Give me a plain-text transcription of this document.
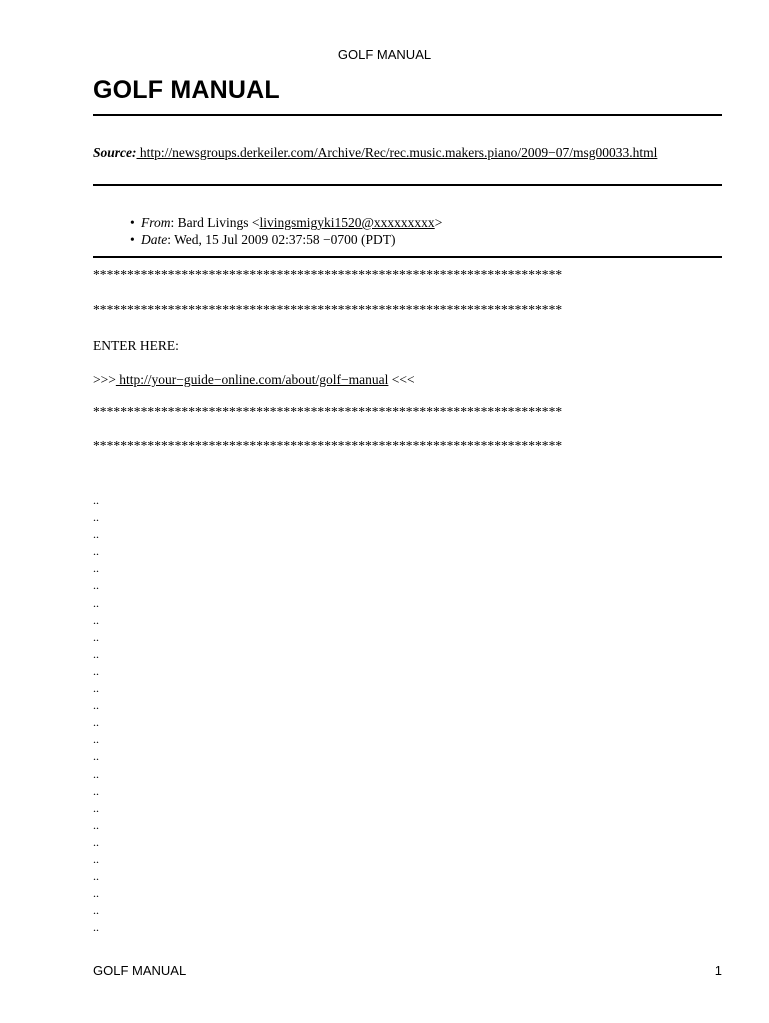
GOLF MANUAL
GOLF MANUAL
Source: http://newsgroups.derkeiler.com/Archive/Rec/rec.music.makers.piano/2009−07/msg00033.html
• From: Bard Livings <livingsmigyki1520@xxxxxxxxx>
• Date: Wed, 15 Jul 2009 02:37:58 −0700 (PDT)
*********************************************************************
*********************************************************************
ENTER HERE:
>>> http://your−guide−online.com/about/golf−manual <<<
*********************************************************************
*********************************************************************
..
..
..
..
..
..
..
..
..
..
..
..
..
..
..
..
..
..
..
..
..
..
..
..
..
..
GOLF MANUAL	1
